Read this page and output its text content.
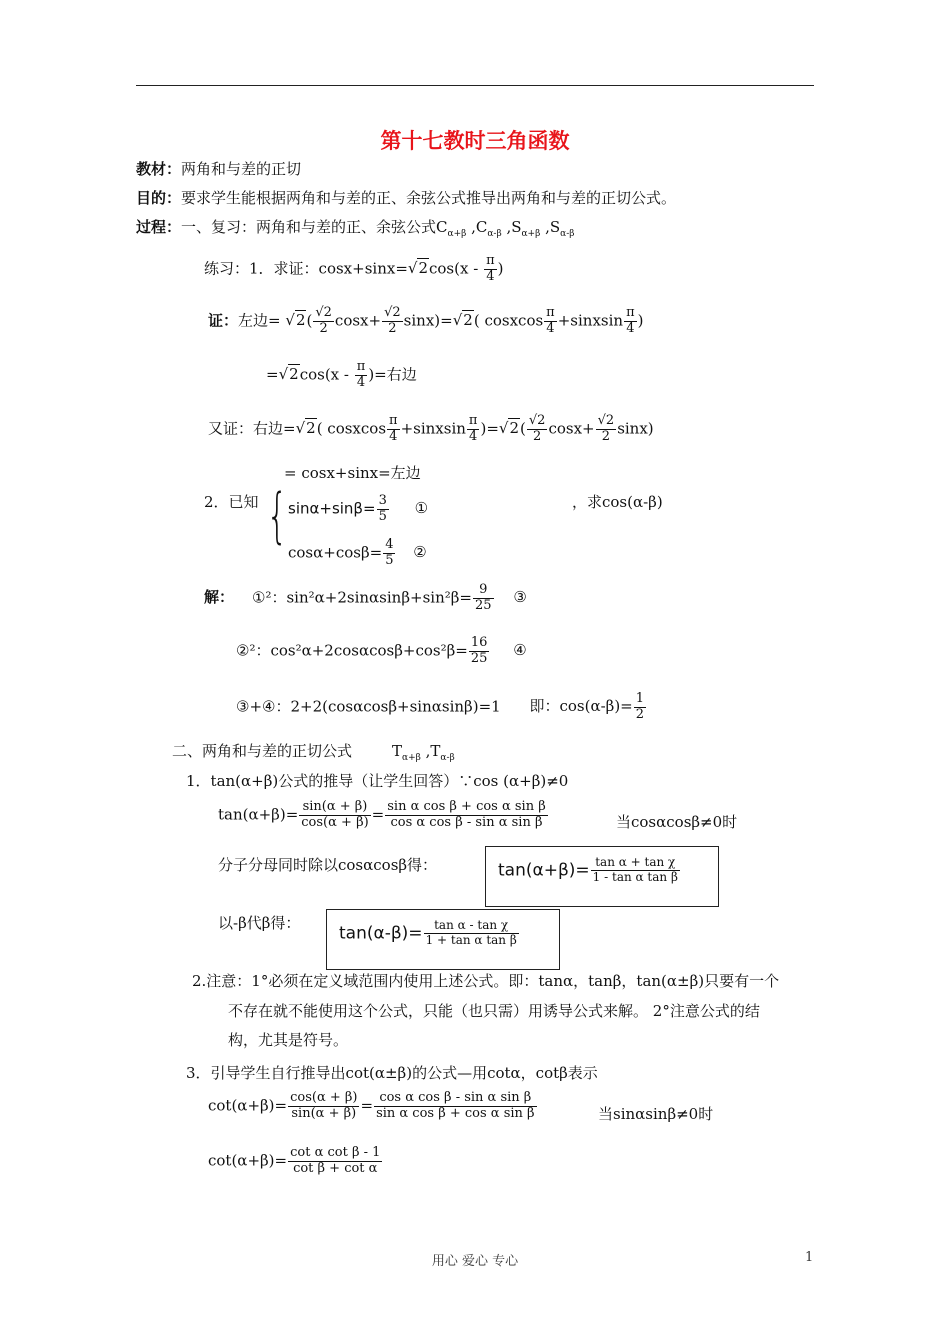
第十七教时三角函数
教材：两角和与差的正切
目的：要求学生能根据两角和与差的正、余弦公式推导出两角和与差的正切公式。
过程：一、复习：两角和与差的正、余弦公式$C_{\alpha+\beta}$ $,C_{\alpha-\beta}$ $,S_{\alpha+\beta}$ $,S_{\alpha-\beta}$
练习：1．求证：$\cos x+\sin x=√2\cos(x - \frac{\pi}{4}$ )
证：左边= $√2( \frac{√2}{2} \cos x+ \frac{√2}{2} \sin x)=√2$( cosxcos $\frac{\pi}{4}$ +sinxsin $\frac{\pi}{4}$ )
$=√2\cos(x - \frac{\pi}{4}$ )=右边
又证：右边=√2( cosxcos $\frac{\pi}{4}$ +sinxsin $\frac{\pi}{4} )=√2( \frac{√2}{2} \cos x+ \frac{√2}{2} \sin x)$
= cosx+sinx=左边
2．已知 { $\sin\alpha+\sin\beta= \frac{3}{5}$ ①
$\cos\alpha+\cos\beta= \frac{4}{5}$ ②
，求cos(α-β)
解： ①²：$\sin^2\alpha+2\sin\alpha\sin\beta+\sin^2\beta= \frac{9}{25}$ ③
②²：$\cos^2\alpha+2\cos\alpha\cos\beta+\cos^2\beta= \frac{16}{25}$ ④
③+④：2+2(cosαcosβ+sinαsinβ)=1 即：$\cos(\alpha-\beta)= \frac{1}{2}$
二、两角和与差的正切公式	$T_{\alpha+\beta}$ $,T_{\alpha-\beta}$
1．tan(α+β)公式的推导（让学生回答）∵cos (α+β)≠0
$\tan(\alpha+\beta)= \frac{\sin(\alpha + \beta)}{\cos(\alpha + \beta)} = \frac{\text{sin α cos β + cos α sin β}}{\text{cos α cos β - sin α sin β}}$	当cosαcosβ≠0时
分子分母同时除以cosαcosβ得：	$\tan(\alpha+\beta)= \frac{\text{tan α + tan χ}}{\text{1 - tan α tan β}}$
以-β代β得：
$\tan(\alpha-\beta)= \frac{\text{tan α - tan χ}}{\text{1 + tan α tan β}}$
2.注意：1°必须在定义域范围内使用上述公式。即：tanα，tanβ，tan(α±β)只要有一个
不存在就不能使用这个公式，只能（也只需）用诱导公式来解。 2°注意公式的结
构，尤其是符号。
3．引导学生自行推导出cot(α±β)的公式—用cotα，cotβ表示
$\cot(\alpha+\beta)= \frac{\cos(\alpha + \beta)}{\sin(\alpha + \beta)} = \frac{\text{cos α cos β - sin α sin β}}{\text{sin α cos β + cos α sin β}}$	当sinαsinβ≠0时
$\cot(\alpha+\beta)= \frac{\text{cot α cot β - 1}}{\text{cot β + cot α}}$
用心 爱心 专心	1
